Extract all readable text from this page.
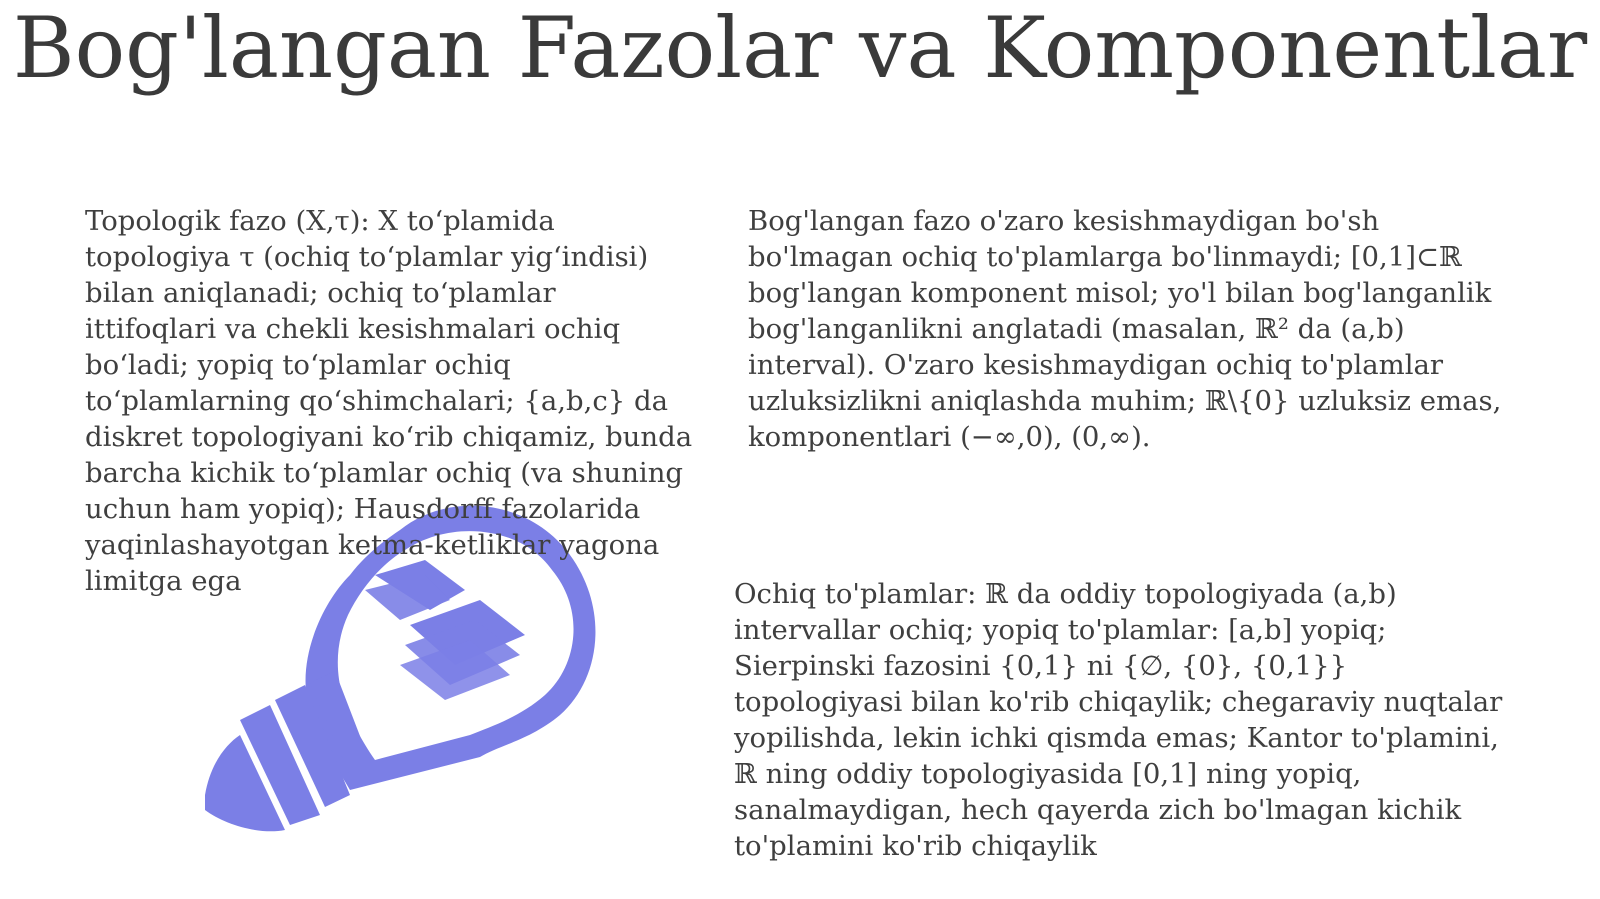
Bog'langan Fazolar va Komponentlar

Topologik fazo (X,τ): X to‘plamida topologiya τ (ochiq to‘plamlar yig‘indisi) bilan aniqlanadi; ochiq to‘plamlar ittifoqlari va chekli kesishmalari ochiq bo‘ladi; yopiq to‘plamlar ochiq to‘plamlarning qo‘shimchalari; {a,b,c} da diskret topologiyani ko‘rib chiqamiz, bunda barcha kichik to‘plamlar ochiq (va shuning uchun ham yopiq); Hausdorff fazolarida yaqinlashayotgan ketma-ketliklar yagona limitga ega

Bog'langan fazo o'zaro kesishmaydigan bo'sh bo'lmagan ochiq to'plamlarga bo'linmaydi; [0,1]⊂ℝ bog'langan komponent misol; yo'l bilan bog'langanlik bog'langanlikni anglatadi (masalan, ℝ² da (a,b) interval). O'zaro kesishmaydigan ochiq to'plamlar uzluksizlikni aniqlashda muhim; ℝ\{0} uzluksiz emas, komponentlari (−∞,0), (0,∞).

Ochiq to'plamlar: ℝ da oddiy topologiyada (a,b) intervallar ochiq; yopiq to'plamlar: [a,b] yopiq; Sierpinski fazosini {0,1} ni {∅, {0}, {0,1}} topologiyasi bilan ko'rib chiqaylik; chegaraviy nuqtalar yopilishda, lekin ichki qismda emas; Kantor to'plamini, ℝ ning oddiy topologiyasida [0,1] ning yopiq, sanalmaydigan, hech qayerda zich bo'lmagan kichik to'plamini ko'rib chiqaylik
